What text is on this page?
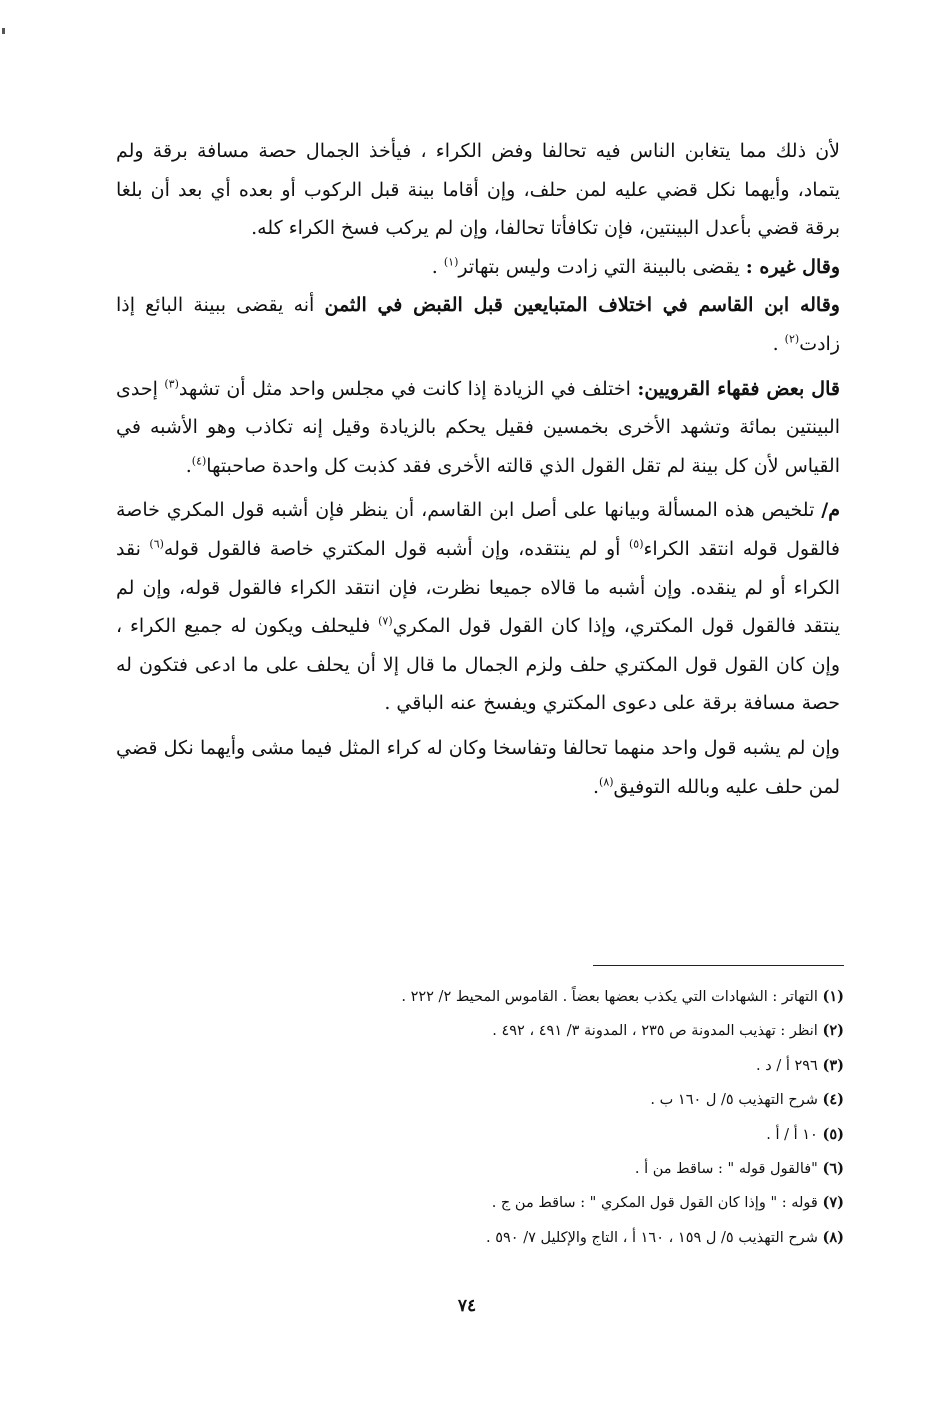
لأن ذلك مما يتغابن الناس فيه تحالفا وفض الكراء ، فيأخذ الجمال حصة مسافة برقة ولم يتماد، وأيهما نكل قضي عليه لمن حلف، وإن أقاما بينة قبل الركوب أو بعده أي بعد أن بلغا برقة قضي بأعدل البينتين، فإن تكافأتا تحالفا، وإن لم يركب فسخ الكراء كله.

وقال غيره : يقضى بالبينة التي زادت وليس بتهاتر$^{(١)}$ .

وقاله ابن القاسم في اختلاف المتبايعين قبل القبض في الثمن أنه يقضى ببينة البائع إذا زادت$^{(٢)}$ .

قال بعض فقهاء القرويين: اختلف في الزيادة إذا كانت في مجلس واحد مثل أن تشهد$^{(٣)}$ إحدى البينتين بمائة وتشهد الأخرى بخمسين فقيل يحكم بالزيادة وقيل إنه تكاذب وهو الأشبه في القياس لأن كل بينة لم تقل القول الذي قالته الأخرى فقد كذبت كل واحدة صاحبتها$^{(٤)}$.

م/ تلخيص هذه المسألة وبيانها على أصل ابن القاسم، أن ينظر فإن أشبه قول المكري خاصة فالقول قوله انتقد الكراء$^{(٥)}$ أو لم ينتقده، وإن أشبه قول المكتري خاصة فالقول قوله$^{(٦)}$ نقد الكراء أو لم ينقده. وإن أشبه ما قالاه جميعا نظرت، فإن انتقد الكراء فالقول قوله، وإن لم ينتقد فالقول قول المكتري، وإذا كان القول قول المكري$^{(٧)}$ فليحلف ويكون له جميع الكراء ، وإن كان القول قول المكتري حلف ولزم الجمال ما قال إلا أن يحلف على ما ادعى فتكون له حصة مسافة برقة على دعوى المكتري ويفسخ عنه الباقي .

وإن لم يشبه قول واحد منهما تحالفا وتفاسخا وكان له كراء المثل فيما مشى وأيهما نكل قضي لمن حلف عليه وبالله التوفيق$^{(٨)}$.

(١) التهاتر : الشهادات التي يكذب بعضها بعضاً . القاموس المحيط ٢/ ٢٢٢ .

(٢) انظر : تهذيب المدونة ص ٢٣٥ ، المدونة ٣/ ٤٩١ ، ٤٩٢ .

(٣) ٢٩٦ أ / د .

(٤) شرح التهذيب ٥/ ل ١٦٠ ب .

(٥) ١٠ أ / أ .

(٦) "فالقول قوله " : ساقط من أ .

(٧) قوله : " وإذا كان القول قول المكري " : ساقط من ج .

(٨) شرح التهذيب ٥/ ل ١٥٩ ، ١٦٠ أ ، التاج والإكليل ٧/ ٥٩٠ .

٧٤
